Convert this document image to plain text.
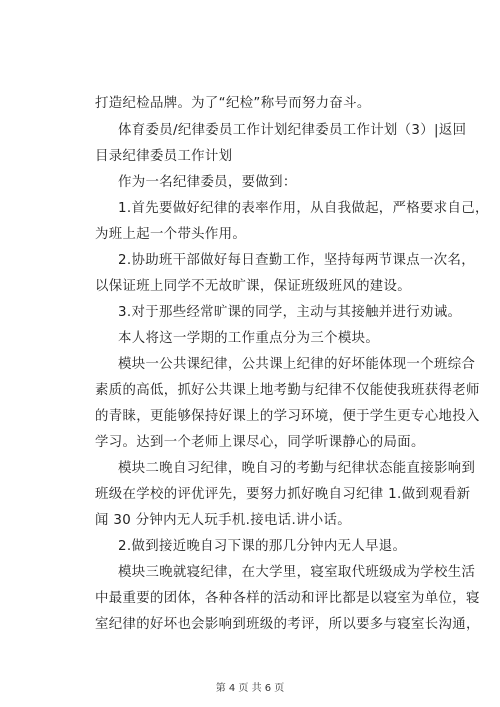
打造纪检品牌。为了“纪检”称号而努力奋斗。
体育委员/纪律委员工作计划纪律委员工作计划（3）|返回
目录纪律委员工作计划
作为一名纪律委员，要做到：
1.首先要做好纪律的表率作用，从自我做起，严格要求自己，
为班上起一个带头作用。
2.协助班干部做好每日查勤工作，坚持每两节课点一次名，
以保证班上同学不无故旷课，保证班级班风的建设。
3.对于那些经常旷课的同学，主动与其接触并进行劝诫。
本人将这一学期的工作重点分为三个模块。
模块一公共课纪律，公共课上纪律的好坏能体现一个班综合
素质的高低，抓好公共课上地考勤与纪律不仅能使我班获得老师
的青睐，更能够保持好课上的学习环境，便于学生更专心地投入
学习。达到一个老师上课尽心，同学听课静心的局面。
模块二晚自习纪律，晚自习的考勤与纪律状态能直接影响到
班级在学校的评优评先，要努力抓好晚自习纪律 1.做到观看新
闻 30 分钟内无人玩手机.接电话.讲小话。
2.做到接近晚自习下课的那几分钟内无人早退。
模块三晚就寝纪律，在大学里，寝室取代班级成为学校生活
中最重要的团体，各种各样的活动和评比都是以寝室为单位，寝
室纪律的好坏也会影响到班级的考评，所以要多与寝室长沟通，
第 4 页 共 6 页
